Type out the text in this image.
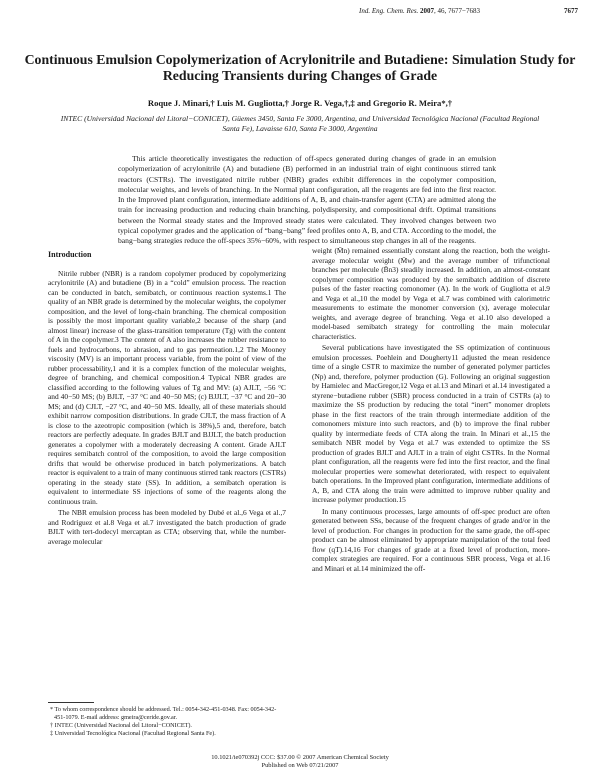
Ind. Eng. Chem. Res. 2007, 46, 7677−7683	7677
Continuous Emulsion Copolymerization of Acrylonitrile and Butadiene: Simulation Study for Reducing Transients during Changes of Grade
Roque J. Minari,† Luis M. Gugliotta,† Jorge R. Vega,†,‡ and Gregorio R. Meira*,†
INTEC (Universidad Nacional del Litoral−CONICET), Güemes 3450, Santa Fe 3000, Argentina, and Universidad Tecnológica Nacional (Facultad Regional Santa Fe), Lavaisse 610, Santa Fe 3000, Argentina

This article theoretically investigates the reduction of off-specs generated during changes of grade in an emulsion copolymerization of acrylonitrile (A) and butadiene (B) performed in an industrial train of eight continuous stirred tank reactors (CSTRs). The investigated nitrile rubber (NBR) grades exhibit differences in the copolymer composition, molecular weights, and levels of branching. In the Normal plant configuration, all the reagents are fed into the first reactor. In the Improved plant configuration, intermediate additions of A, B, and chain-transfer agent (CTA) are admitted along the train for increasing production and reducing chain branching, polydispersity, and compositional drift. Optimal transitions between the Normal steady states and the Improved steady states were calculated. They involved changes between two typical copolymer grades and the application of “bang−bang” feed profiles onto A, B, and CTA. According to the model, the bang−bang strategies reduce the off-specs 35%−60%, with respect to simultaneous step changes in all of the reagents.

Introduction

Nitrile rubber (NBR) is a random copolymer produced by copolymerizing acrylonitrile (A) and butadiene (B) in a “cold” emulsion process. The reaction can be conducted in batch, semibatch, or continuous reaction systems.1 The quality of an NBR grade is determined by the molecular weights, the copolymer composition, and the level of long-chain branching. The chemical composition is possibly the most important quality variable,2 because of the sharp (and almost linear) increase of the glass-transition temperature (Tg) with the content of A in the copolymer.3 The content of A also increases the rubber resistance to fuels and hydrocarbons, to abrasion, and to gas permeation.1,2 The Mooney viscosity (MV) is an important process variable, from the point of view of the rubber processability,1 and it is a complex function of the molecular weights, degree of branching, and chemical composition.4 Typical NBR grades are classified according to the following values of Tg and MV: (a) AJLT, −56 °C and 40−50 MS; (b) BJLT, −37 °C and 40−50 MS; (c) BJJLT, −37 °C and 20−30 MS; and (d) CJLT, −27 °C, and 40−50 MS. Ideally, all of these materials should exhibit narrow composition distributions. In grade CJLT, the mass fraction of A is close to the azeotropic composition (which is 38%),5 and, therefore, batch reactors are perfectly adequate. In grades BJLT and BJJLT, the batch production generates a copolymer with a moderately decreasing A content. Grade AJLT requires semibatch control of the composition, to avoid the large composition drifts that would be otherwise produced in batch polymerizations. A batch reactor is equivalent to a train of many continuous stirred tank reactors (CSTRs) operating in the steady state (SS). In addition, a semibatch operation is equivalent to intermediate SS injections of some of the reagents along the continuous train.

The NBR emulsion process has been modeled by Dubé et al.,6 Vega et al.,7 and Rodríguez et al.8 Vega et al.7 investigated the batch production of grade BJLT with tert-dodecyl mercaptan as CTA; observing that, while the number-average molecular

weight (M̄n) remained essentially constant along the reaction, both the weight-average molecular weight (M̄w) and the average number of trifunctional branches per molecule (B̄n3) steadily increased. In addition, an almost-constant copolymer composition was produced by the semibatch addition of discrete pulses of the faster reacting comonomer (A). In the work of Gugliotta et al.9 and Vega et al.,10 the model by Vega et al.7 was combined with calorimetric measurements to estimate the monomer conversion (x), average molecular weights, and average degree of branching. Vega et al.10 also developed a model-based semibatch strategy for controlling the main molecular characteristics.

Several publications have investigated the SS optimization of continuous emulsion processes. Poehlein and Dougherty11 adjusted the mean residence time of a single CSTR to maximize the number of generated polymer particles (Np) and, therefore, polymer production (G). Following an original suggestion by Hamielec and MacGregor,12 Vega et al.13 and Minari et al.14 investigated a styrene−butadiene rubber (SBR) process conducted in a train of CSTRs (a) to maximize the SS production by reducing the total “inert” monomer droplets phase in the first reactors of the train through intermediate addition of the comonomers mixture into such reactors, and (b) to improve the final rubber quality by intermediate feeds of CTA along the train. In Minari et al.,15 the semibatch NBR model by Vega et al.7 was extended to optimize the SS production of grades BJLT and AJLT in a train of eight CSTRs. In the Normal plant configuration, all the reagents were fed into the first reactor, and the final molecular properties were somewhat deteriorated, with respect to equivalent batch operations. In the Improved plant configuration, intermediate additions of A, B, and CTA along the train were admitted to improve rubber quality and increase polymer production.15

In many continuous processes, large amounts of off-spec product are often generated between SSs, because of the frequent changes of grade and/or in the level of production. For changes in production for the same grade, the off-spec product can be almost eliminated by appropriate manipulation of the total feed flow (qT).14,16 For changes of grade at a fixed level of production, more-complex strategies are required. For a continuous SBR process, Vega et al.16 and Minari et al.14 minimized the off-

* To whom correspondence should be addressed. Tel.: 0054-342-451-0348. Fax: 0054-342-451-1079. E-mail address: gmeira@ceride.gov.ar.

† INTEC (Universidad Nacional del Litoral−CONICET).

‡ Universidad Tecnológica Nacional (Facultad Regional Santa Fe).

10.1021/ie070392j CCC: $37.00 © 2007 American Chemical Society
Published on Web 07/21/2007
